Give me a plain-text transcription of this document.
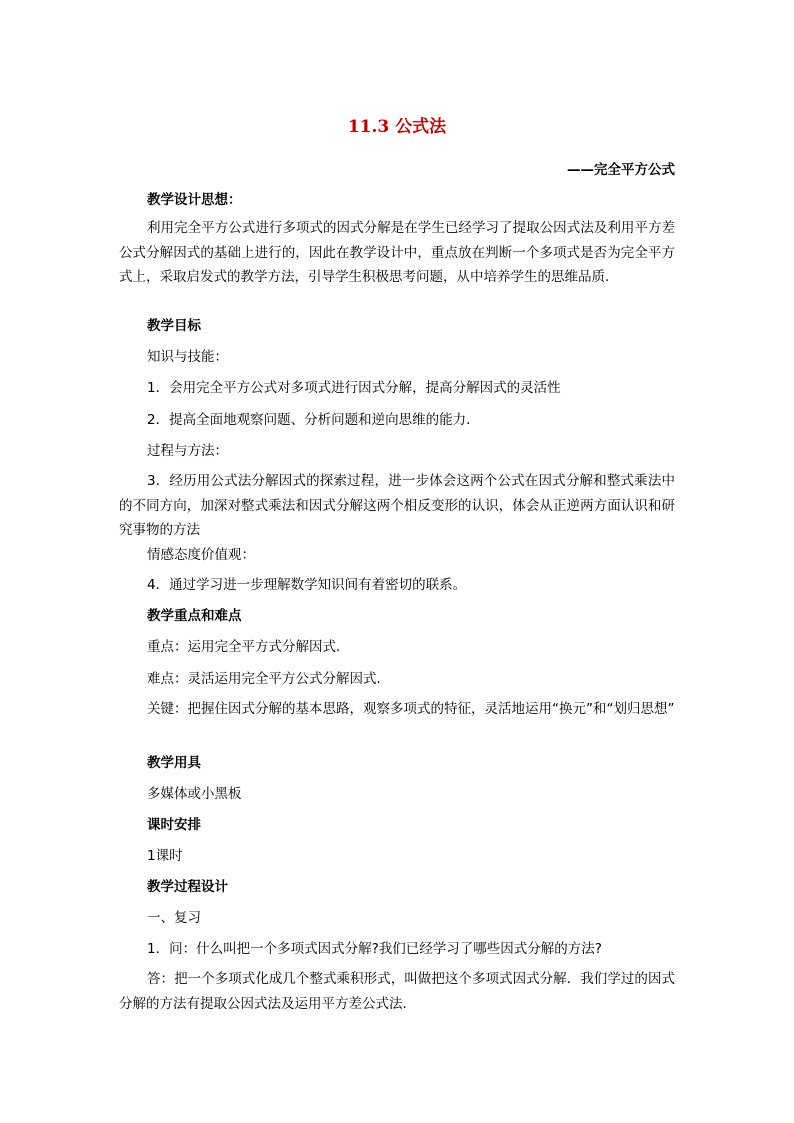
11.3 公式法
——完全平方公式
教学设计思想：
利用完全平方公式进行多项式的因式分解是在学生已经学习了提取公因式法及利用平方差公式分解因式的基础上进行的，因此在教学设计中，重点放在判断一个多项式是否为完全平方式上，采取启发式的教学方法，引导学生积极思考问题，从中培养学生的思维品质.
教学目标
知识与技能：
1．会用完全平方公式对多项式进行因式分解，提高分解因式的灵活性
2．提高全面地观察问题、分析问题和逆向思维的能力．
过程与方法：
3．经历用公式法分解因式的探索过程，进一步体会这两个公式在因式分解和整式乘法中的不同方向，加深对整式乘法和因式分解这两个相反变形的认识，体会从正逆两方面认识和研究事物的方法
情感态度价值观：
4．通过学习进一步理解数学知识间有着密切的联系。
教学重点和难点
重点：运用完全平方式分解因式．
难点：灵活运用完全平方公式分解因式．
关键：把握住因式分解的基本思路，观察多项式的特征，灵活地运用“换元”和“划归思想”
教学用具
多媒体或小黑板
课时安排
1课时
教学过程设计
一、复习
1．问：什么叫把一个多项式因式分解?我们已经学习了哪些因式分解的方法?
答：把一个多项式化成几个整式乘积形式，叫做把这个多项式因式分解．我们学过的因式分解的方法有提取公因式法及运用平方差公式法．
